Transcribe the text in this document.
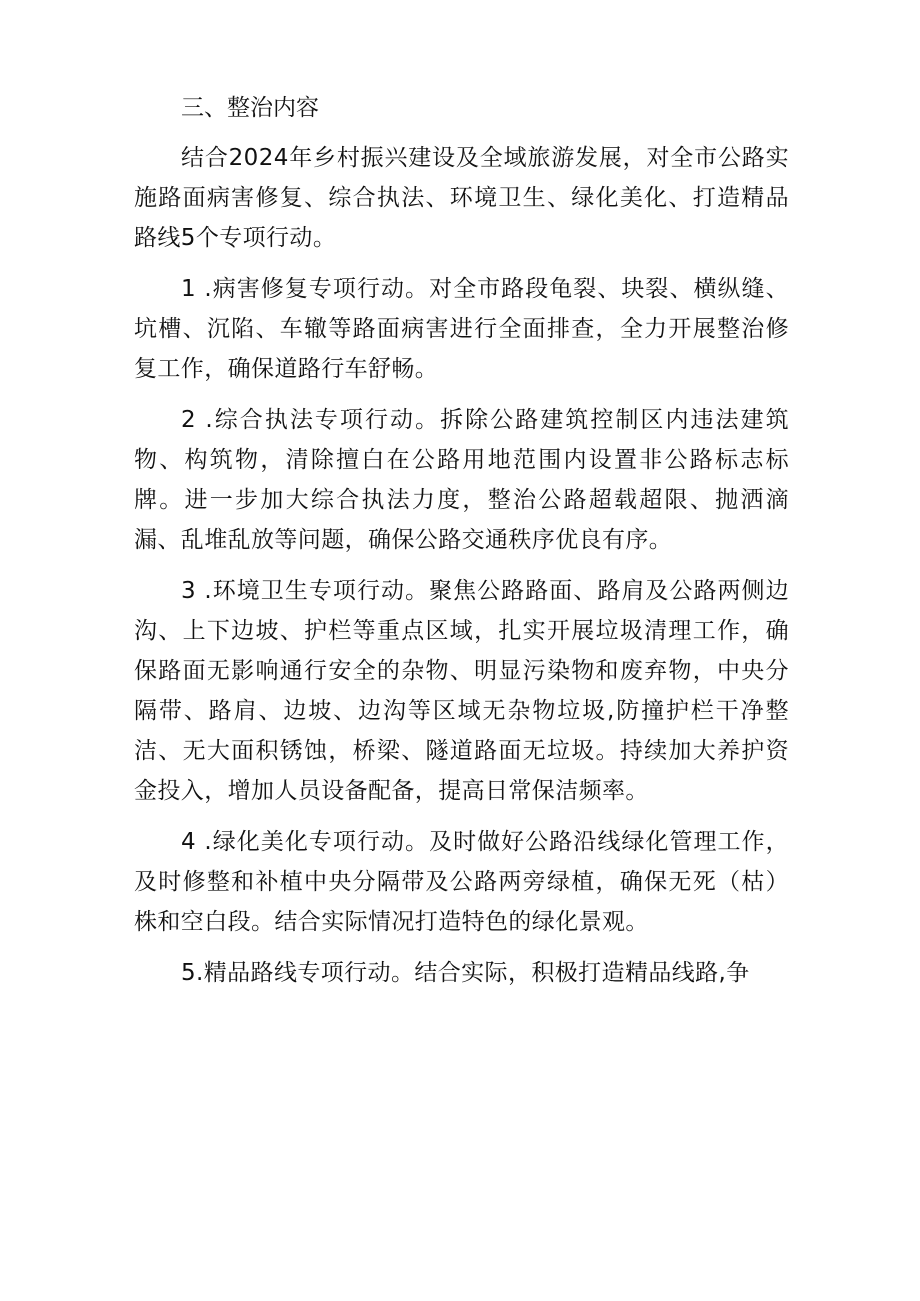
三、整治内容

结合2024年乡村振兴建设及全域旅游发展，对全市公路实施路面病害修复、综合执法、环境卫生、绿化美化、打造精品路线5个专项行动。

1 .病害修复专项行动。对全市路段龟裂、块裂、横纵缝、坑槽、沉陷、车辙等路面病害进行全面排查，全力开展整治修复工作，确保道路行车舒畅。

2 .综合执法专项行动。拆除公路建筑控制区内违法建筑物、构筑物，清除擅白在公路用地范围内设置非公路标志标牌。进一步加大综合执法力度，整治公路超载超限、抛洒滴漏、乱堆乱放等问题，确保公路交通秩序优良有序。

3 .环境卫生专项行动。聚焦公路路面、路肩及公路两侧边沟、上下边坡、护栏等重点区域，扎实开展垃圾清理工作，确保路面无影响通行安全的杂物、明显污染物和废弃物，中央分隔带、路肩、边坡、边沟等区域无杂物垃圾,防撞护栏干净整洁、无大面积锈蚀，桥梁、隧道路面无垃圾。持续加大养护资金投入，增加人员设备配备，提高日常保洁频率。

4 .绿化美化专项行动。及时做好公路沿线绿化管理工作，及时修整和补植中央分隔带及公路两旁绿植，确保无死（枯）株和空白段。结合实际情况打造特色的绿化景观。

5.精品路线专项行动。结合实际，积极打造精品线路,争
